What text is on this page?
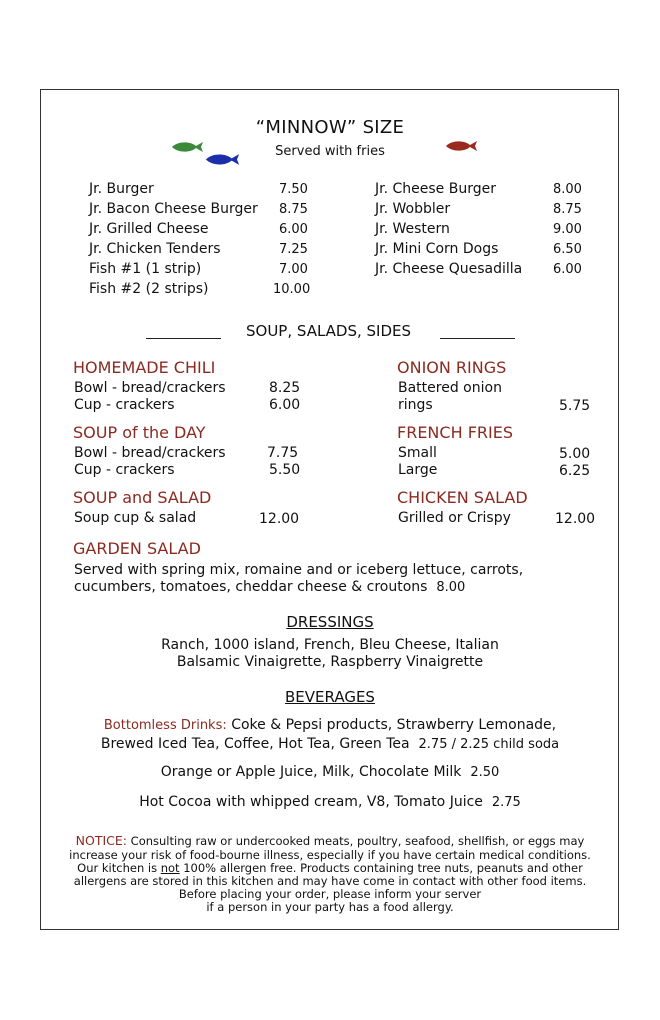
“MINNOW” SIZE
Served with fries
Jr. Burger	7.50
Jr. Bacon Cheese Burger 8.75
Jr. Grilled Cheese	6.00
Jr. Chicken Tenders	7.25
Fish #1 (1 strip)	7.00
Fish #2 (2 strips)	10.00
Jr. Cheese Burger	8.00
Jr. Wobbler	8.75
Jr. Western	9.00
Jr. Mini Corn Dogs	6.50
Jr. Cheese Quesadilla 6.00
SOUP, SALADS, SIDES
HOMEMADE CHILI
Bowl - bread/crackers	8.25
Cup - crackers	6.00
SOUP of the DAY
Bowl - bread/crackers	7.75
Cup - crackers	5.50
SOUP and SALAD
Soup cup & salad	12.00
ONION RINGS
Battered onion
rings	5.75
FRENCH FRIES
Small	5.00
Large	6.25
CHICKEN SALAD
Grilled or Crispy	12.00
GARDEN SALAD
Served with spring mix, romaine and or iceberg lettuce, carrots,
cucumbers, tomatoes, cheddar cheese & croutons 8.00
DRESSINGS
Ranch, 1000 island, French, Bleu Cheese, Italian
Balsamic Vinaigrette, Raspberry Vinaigrette
BEVERAGES
Bottomless Drinks: Coke & Pepsi products, Strawberry Lemonade,
Brewed Iced Tea, Coffee, Hot Tea, Green Tea 2.75 / 2.25 child soda
Orange or Apple Juice, Milk, Chocolate Milk 2.50
Hot Cocoa with whipped cream, V8, Tomato Juice 2.75
NOTICE: Consulting raw or undercooked meats, poultry, seafood, shellfish, or eggs may
increase your risk of food-bourne illness, especially if you have certain medical conditions.
Our kitchen is not 100% allergen free. Products containing tree nuts, peanuts and other
allergens are stored in this kitchen and may have come in contact with other food items.
Before placing your order, please inform your server
if a person in your party has a food allergy.
